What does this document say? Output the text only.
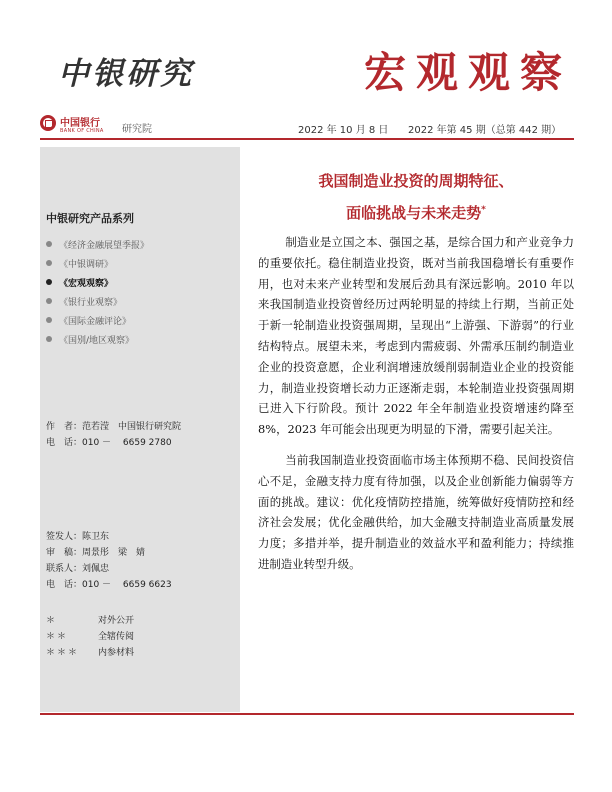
中银研究	宏观观察
中国银行
BANK OF CHINA 研究院	2022 年 10 月 8 日 2022 年第 45 期（总第 442 期）
中银研究产品系列
《经济金融展望季报》
《中银调研》
《宏观观察》
《银行业观察》
《国际金融评论》
《国别/地区观察》
作　者：范若滢　中国银行研究院
电　话：010 －　 6659 2780
签发人：陈卫东
审　稿：周景彤　梁　婧
联系人：刘佩忠
电　话：010 －　 6659 6623
＊	对外公开
＊＊	全辖传阅
＊＊＊ 内参材料
我国制造业投资的周期特征、
面临挑战与未来走势*

制造业是立国之本、强国之基，是综合国力和产业竞争力的重要依托。稳住制造业投资，既对当前我国稳增长有重要作用，也对未来产业转型和发展后劲具有深远影响。2010 年以来我国制造业投资曾经历过两轮明显的持续上行期，当前正处于新一轮制造业投资强周期，呈现出“上游强、下游弱”的行业结构特点。展望未来，考虑到内需疲弱、外需承压制约制造业企业的投资意愿，企业利润增速放缓削弱制造业企业的投资能力，制造业投资增长动力正逐渐走弱，本轮制造业投资强周期已进入下行阶段。预计 2022 年全年制造业投资增速约降至 8%，2023 年可能会出现更为明显的下滑，需要引起关注。

当前我国制造业投资面临市场主体预期不稳、民间投资信心不足，金融支持力度有待加强，以及企业创新能力偏弱等方面的挑战。建议：优化疫情防控措施，统筹做好疫情防控和经济社会发展；优化金融供给，加大金融支持制造业高质量发展力度；多措并举，提升制造业的效益水平和盈利能力；持续推进制造业转型升级。
